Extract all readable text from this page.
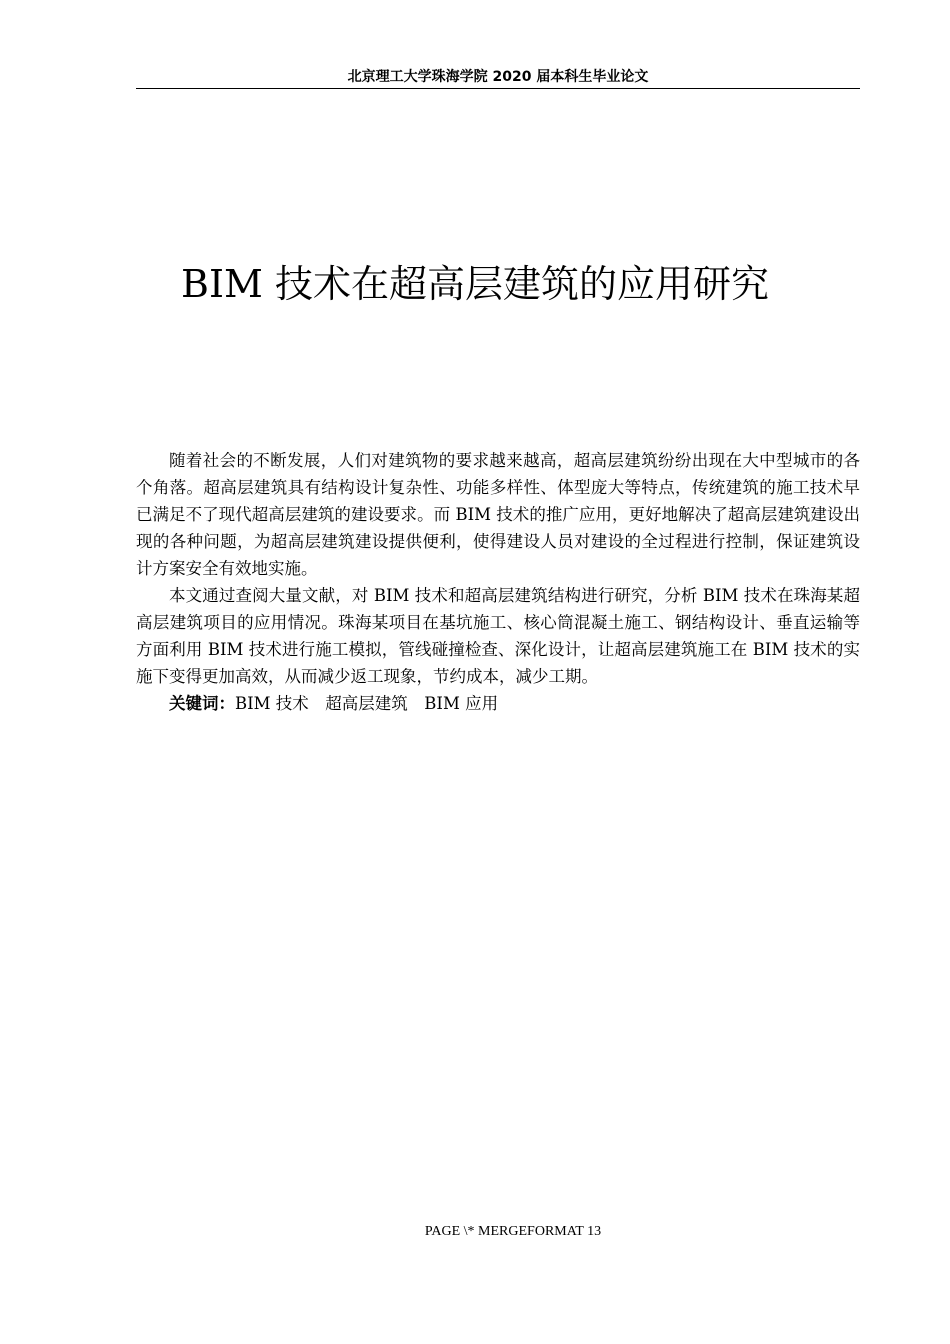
北京理工大学珠海学院 2020 届本科生毕业论文
BIM 技术在超高层建筑的应用研究

随着社会的不断发展，人们对建筑物的要求越来越高，超高层建筑纷纷出现在大中型城市的各个角落。超高层建筑具有结构设计复杂性、功能多样性、体型庞大等特点，传统建筑的施工技术早已满足不了现代超高层建筑的建设要求。而 BIM 技术的推广应用，更好地解决了超高层建筑建设出现的各种问题，为超高层建筑建设提供便利，使得建设人员对建设的全过程进行控制，保证建筑设计方案安全有效地实施。

本文通过查阅大量文献，对 BIM 技术和超高层建筑结构进行研究，分析 BIM 技术在珠海某超高层建筑项目的应用情况。珠海某项目在基坑施工、核心筒混凝土施工、钢结构设计、垂直运输等方面利用 BIM 技术进行施工模拟，管线碰撞检查、深化设计，让超高层建筑施工在 BIM 技术的实施下变得更加高效，从而减少返工现象，节约成本，减少工期。

关键词：BIM 技术 超高层建筑 BIM 应用

PAGE \* MERGEFORMAT 13
